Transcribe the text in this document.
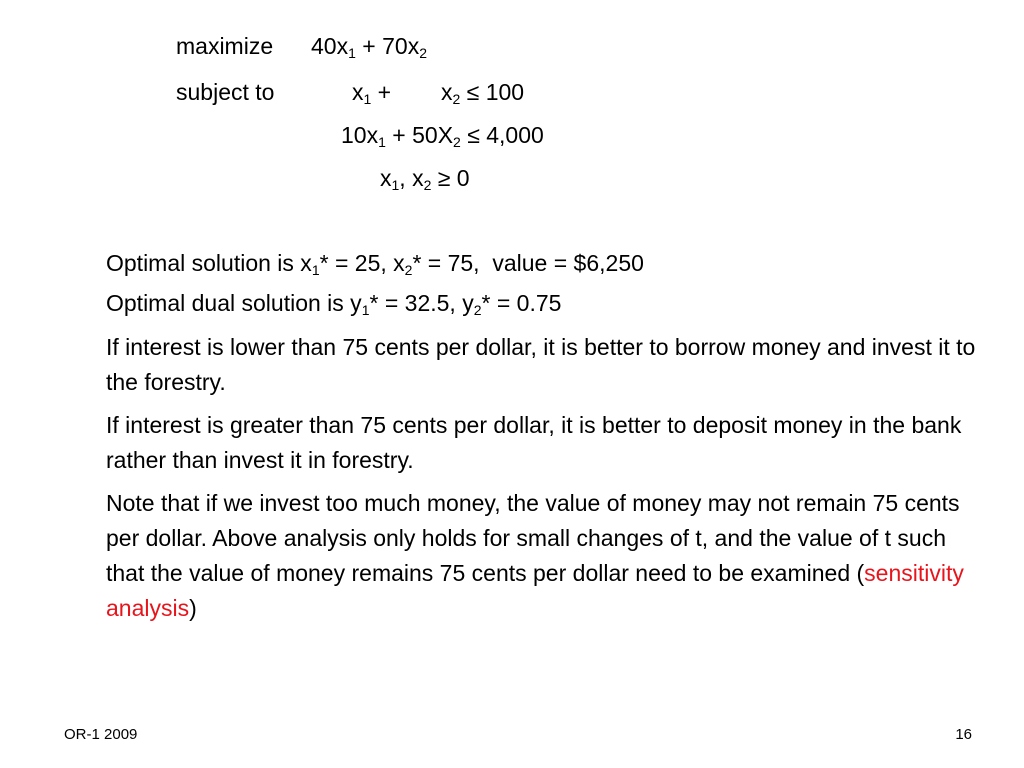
maximize $40x_1 + 70x_2$
subject to	$x_1 + x_2 \le 100$
$10x_1 + 50X_2 \le 4,000$
$x_1$, $x_2 \ge 0$
Optimal solution is $x_1* = 25$, $x_2* = 75$,  value = $6,250
Optimal dual solution is $y_1* = 32.5$, $y_2* = 0.75$
If interest is lower than 75 cents per dollar, it is better to borrow money and invest it to the forestry.
If interest is greater than 75 cents per dollar, it is better to deposit money in the bank rather than invest it in forestry.
Note that if we invest too much money, the value of money may not remain 75 cents per dollar. Above analysis only holds for small changes of t, and the value of t such that the value of money remains 75 cents per dollar need to be examined (sensitivity analysis)
OR-1 2009	16
